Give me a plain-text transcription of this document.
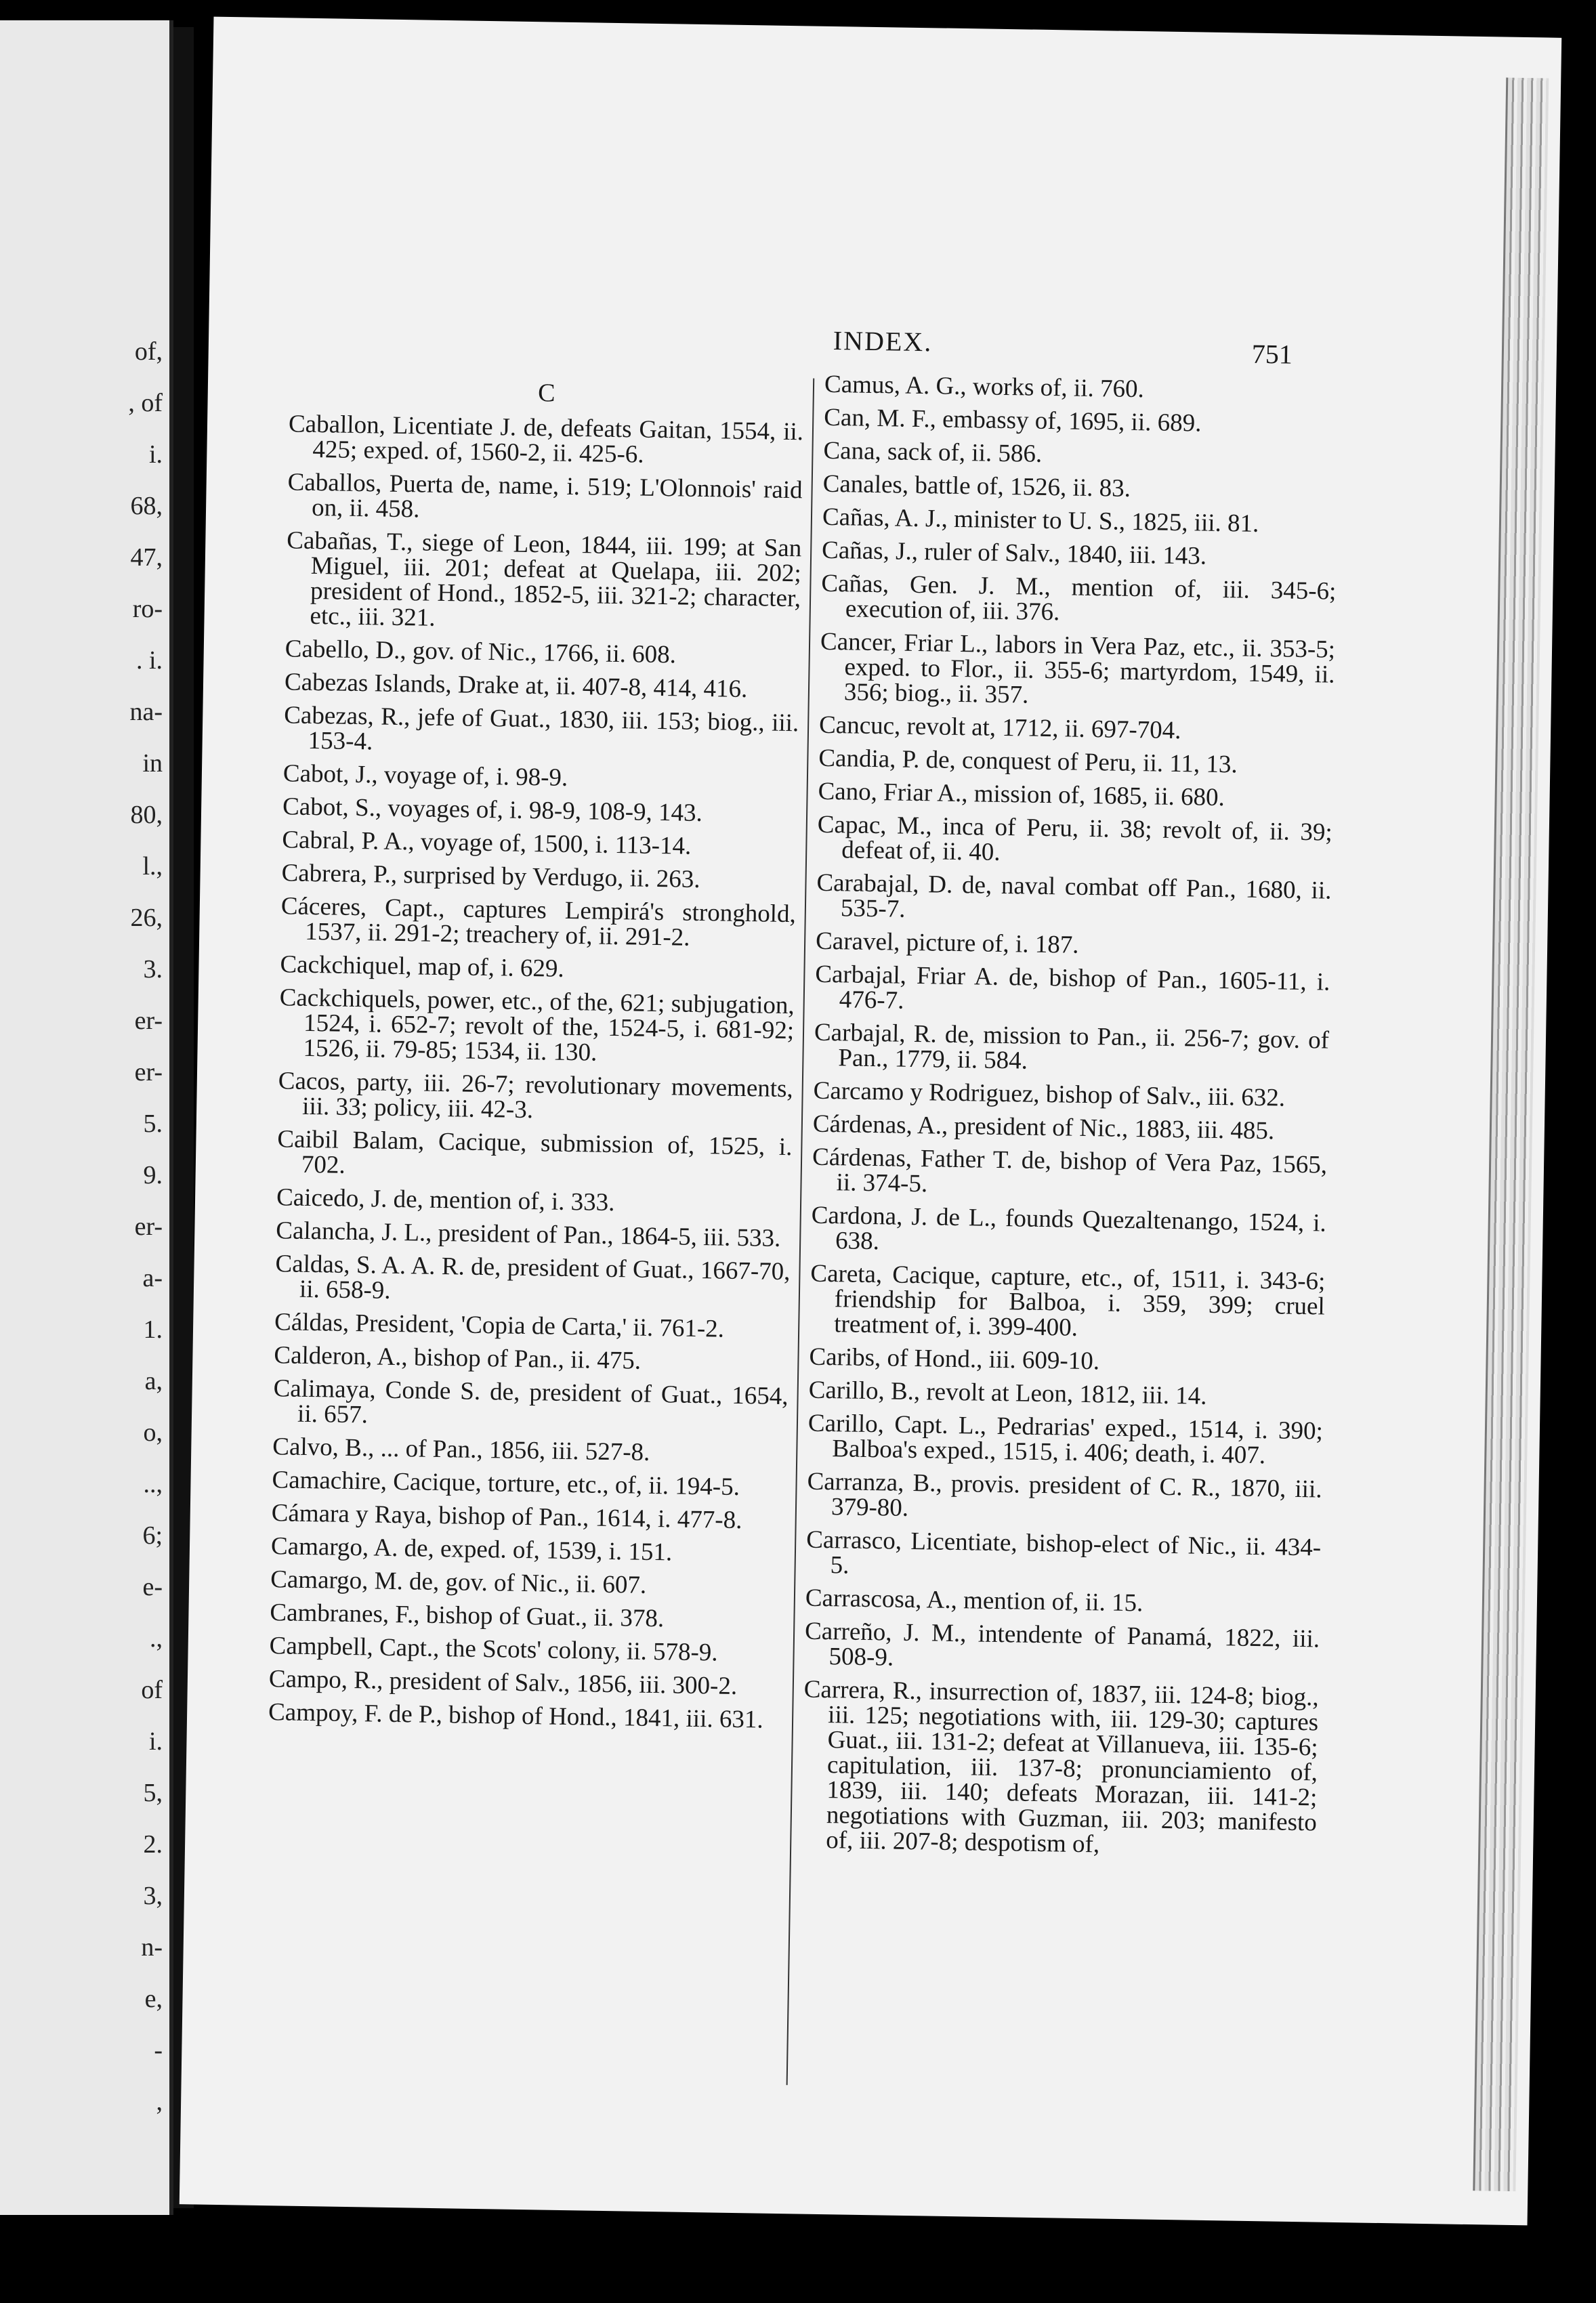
of,
, of
i.
68,
47,
ro-
. i.
na-
in
80,
l.,
26,
3.
er-
er-
5.
9.
er-
a-
1.
a,
o,
..,
6;
e-
.,
of
i.
5,
2.
3,
n-
e,
-
,
INDEX.	751
C

Caballon, Licentiate J. de, defeats Gaitan, 1554, ii. 425; exped. of, 1560-2, ii. 425-6.

Caballos, Puerta de, name, i. 519; L'Olonnois' raid on, ii. 458.

Cabañas, T., siege of Leon, 1844, iii. 199; at San Miguel, iii. 201; defeat at Quelapa, iii. 202; president of Hond., 1852-5, iii. 321-2; character, etc., iii. 321.

Cabello, D., gov. of Nic., 1766, ii. 608.

Cabezas Islands, Drake at, ii. 407-8, 414, 416.

Cabezas, R., jefe of Guat., 1830, iii. 153; biog., iii. 153-4.

Cabot, J., voyage of, i. 98-9.

Cabot, S., voyages of, i. 98-9, 108-9, 143.

Cabral, P. A., voyage of, 1500, i. 113-14.

Cabrera, P., surprised by Verdugo, ii. 263.

Cáceres, Capt., captures Lempirá's stronghold, 1537, ii. 291-2; treachery of, ii. 291-2.

Cackchiquel, map of, i. 629.

Cackchiquels, power, etc., of the, 621; subjugation, 1524, i. 652-7; revolt of the, 1524-5, i. 681-92; 1526, ii. 79-85; 1534, ii. 130.

Cacos, party, iii. 26-7; revolutionary movements, iii. 33; policy, iii. 42-3.

Caibil Balam, Cacique, submission of, 1525, i. 702.

Caicedo, J. de, mention of, i. 333.

Calancha, J. L., president of Pan., 1864-5, iii. 533.

Caldas, S. A. A. R. de, president of Guat., 1667-70, ii. 658-9.

Cáldas, President, 'Copia de Carta,' ii. 761-2.

Calderon, A., bishop of Pan., ii. 475.

Calimaya, Conde S. de, president of Guat., 1654, ii. 657.

Calvo, B., ... of Pan., 1856, iii. 527-8.

Camachire, Cacique, torture, etc., of, ii. 194-5.

Cámara y Raya, bishop of Pan., 1614, i. 477-8.

Camargo, A. de, exped. of, 1539, i. 151.

Camargo, M. de, gov. of Nic., ii. 607.

Cambranes, F., bishop of Guat., ii. 378.

Campbell, Capt., the Scots' colony, ii. 578-9.

Campo, R., president of Salv., 1856, iii. 300-2.

Campoy, F. de P., bishop of Hond., 1841, iii. 631.

Camus, A. G., works of, ii. 760.

Can, M. F., embassy of, 1695, ii. 689.

Cana, sack of, ii. 586.

Canales, battle of, 1526, ii. 83.

Cañas, A. J., minister to U. S., 1825, iii. 81.

Cañas, J., ruler of Salv., 1840, iii. 143.

Cañas, Gen. J. M., mention of, iii. 345-6; execution of, iii. 376.

Cancer, Friar L., labors in Vera Paz, etc., ii. 353-5; exped. to Flor., ii. 355-6; martyrdom, 1549, ii. 356; biog., ii. 357.

Cancuc, revolt at, 1712, ii. 697-704.

Candia, P. de, conquest of Peru, ii. 11, 13.

Cano, Friar A., mission of, 1685, ii. 680.

Capac, M., inca of Peru, ii. 38; revolt of, ii. 39; defeat of, ii. 40.

Carabajal, D. de, naval combat off Pan., 1680, ii. 535-7.

Caravel, picture of, i. 187.

Carbajal, Friar A. de, bishop of Pan., 1605-11, i. 476-7.

Carbajal, R. de, mission to Pan., ii. 256-7; gov. of Pan., 1779, ii. 584.

Carcamo y Rodriguez, bishop of Salv., iii. 632.

Cárdenas, A., president of Nic., 1883, iii. 485.

Cárdenas, Father T. de, bishop of Vera Paz, 1565, ii. 374-5.

Cardona, J. de L., founds Quezaltenango, 1524, i. 638.

Careta, Cacique, capture, etc., of, 1511, i. 343-6; friendship for Balboa, i. 359, 399; cruel treatment of, i. 399-400.

Caribs, of Hond., iii. 609-10.

Carillo, B., revolt at Leon, 1812, iii. 14.

Carillo, Capt. L., Pedrarias' exped., 1514, i. 390; Balboa's exped., 1515, i. 406; death, i. 407.

Carranza, B., provis. president of C. R., 1870, iii. 379-80.

Carrasco, Licentiate, bishop-elect of Nic., ii. 434-5.

Carrascosa, A., mention of, ii. 15.

Carreño, J. M., intendente of Panamá, 1822, iii. 508-9.

Carrera, R., insurrection of, 1837, iii. 124-8; biog., iii. 125; negotiations with, iii. 129-30; captures Guat., iii. 131-2; defeat at Villanueva, iii. 135-6; capitulation, iii. 137-8; pronunciamiento of, 1839, iii. 140; defeats Morazan, iii. 141-2; negotiations with Guzman, iii. 203; manifesto of, iii. 207-8; despotism of,
